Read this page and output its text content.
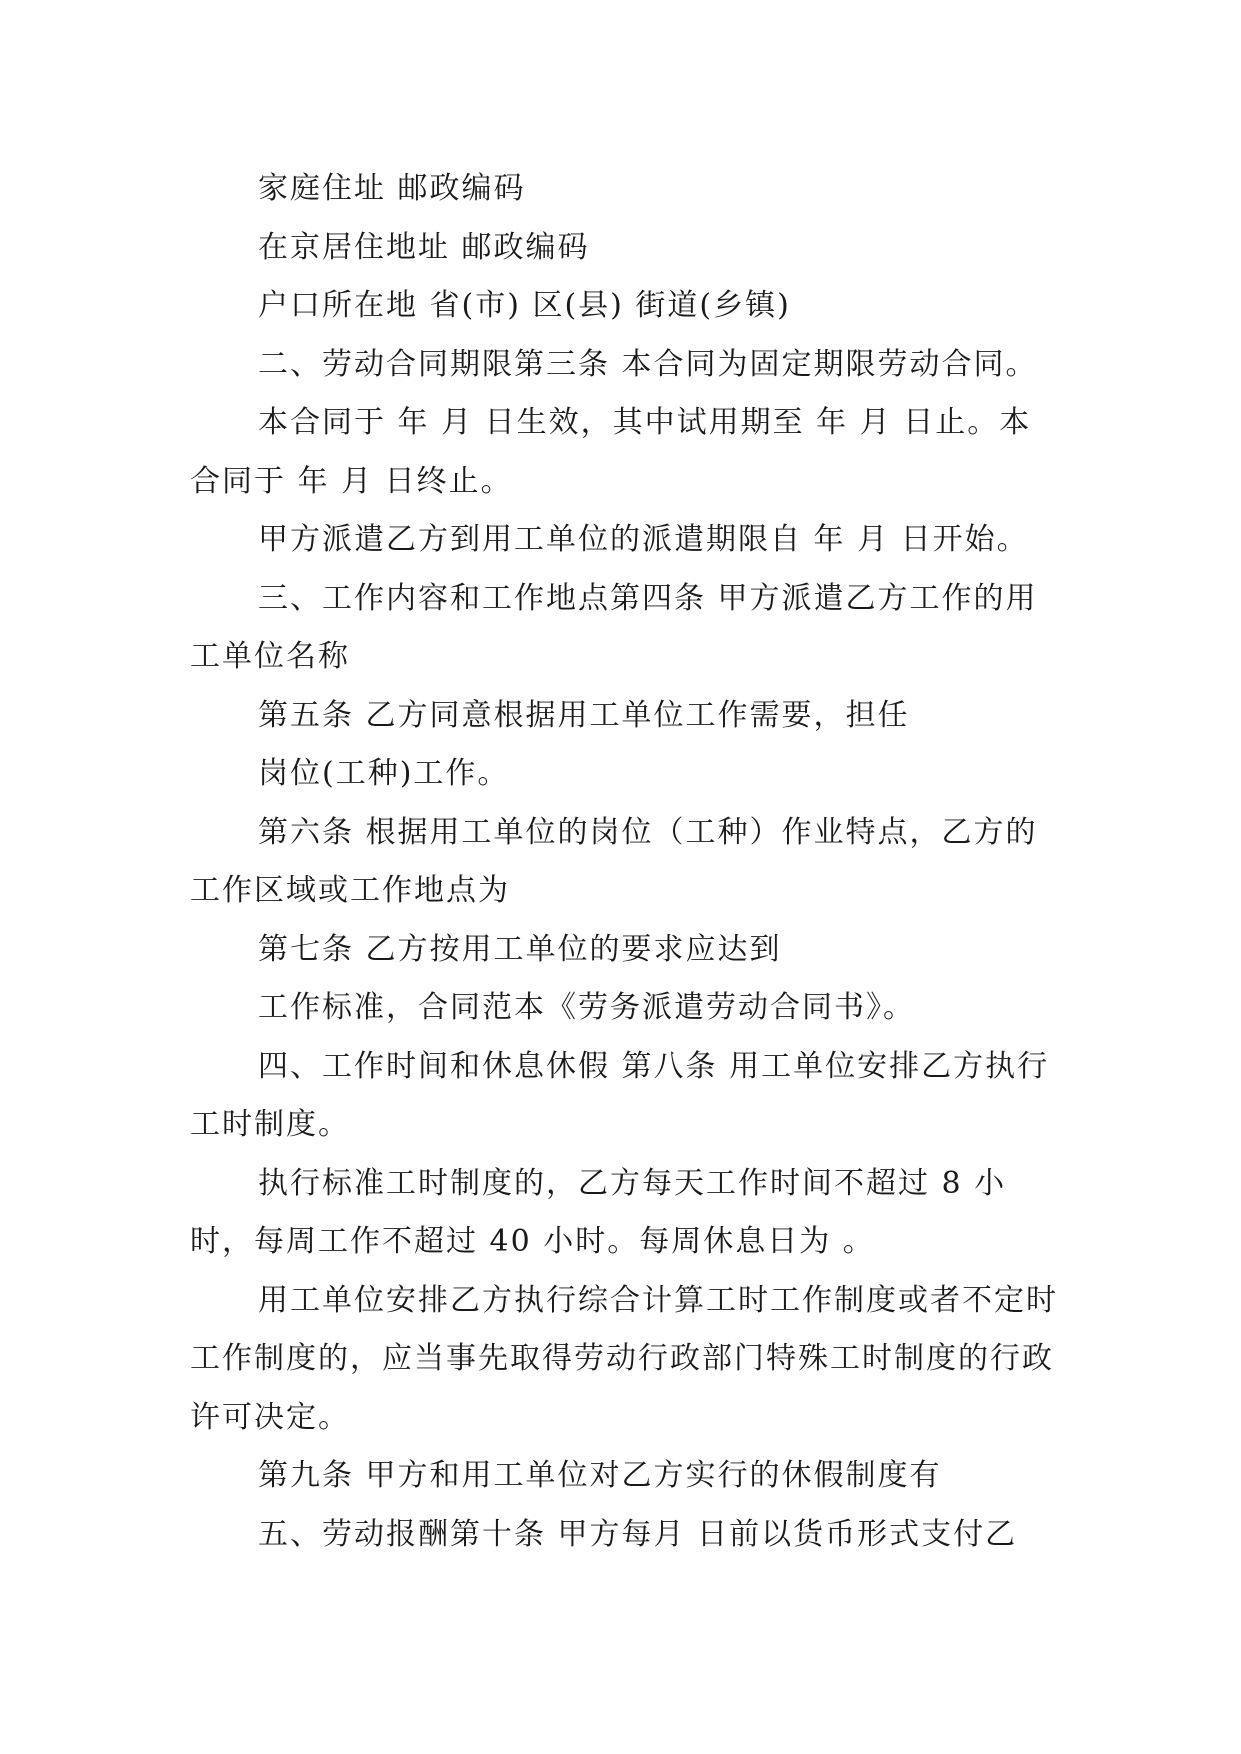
家庭住址 邮政编码

在京居住地址 邮政编码

户口所在地 省(市) 区(县) 街道(乡镇)

二、劳动合同期限第三条 本合同为固定期限劳动合同。

本合同于 年 月 日生效，其中试用期至 年 月 日止。本合同于 年 月 日终止。

甲方派遣乙方到用工单位的派遣期限自 年 月 日开始。

三、工作内容和工作地点第四条 甲方派遣乙方工作的用工单位名称

第五条 乙方同意根据用工单位工作需要，担任

岗位(工种)工作。

第六条 根据用工单位的岗位（工种）作业特点，乙方的工作区域或工作地点为

第七条 乙方按用工单位的要求应达到

工作标准，合同范本《劳务派遣劳动合同书》。

四、工作时间和休息休假 第八条 用工单位安排乙方执行 工时制度。

执行标准工时制度的，乙方每天工作时间不超过 8 小时，每周工作不超过 40 小时。每周休息日为 。

用工单位安排乙方执行综合计算工时工作制度或者不定时工作制度的，应当事先取得劳动行政部门特殊工时制度的行政许可决定。

第九条 甲方和用工单位对乙方实行的休假制度有

五、劳动报酬第十条 甲方每月 日前以货币形式支付乙
